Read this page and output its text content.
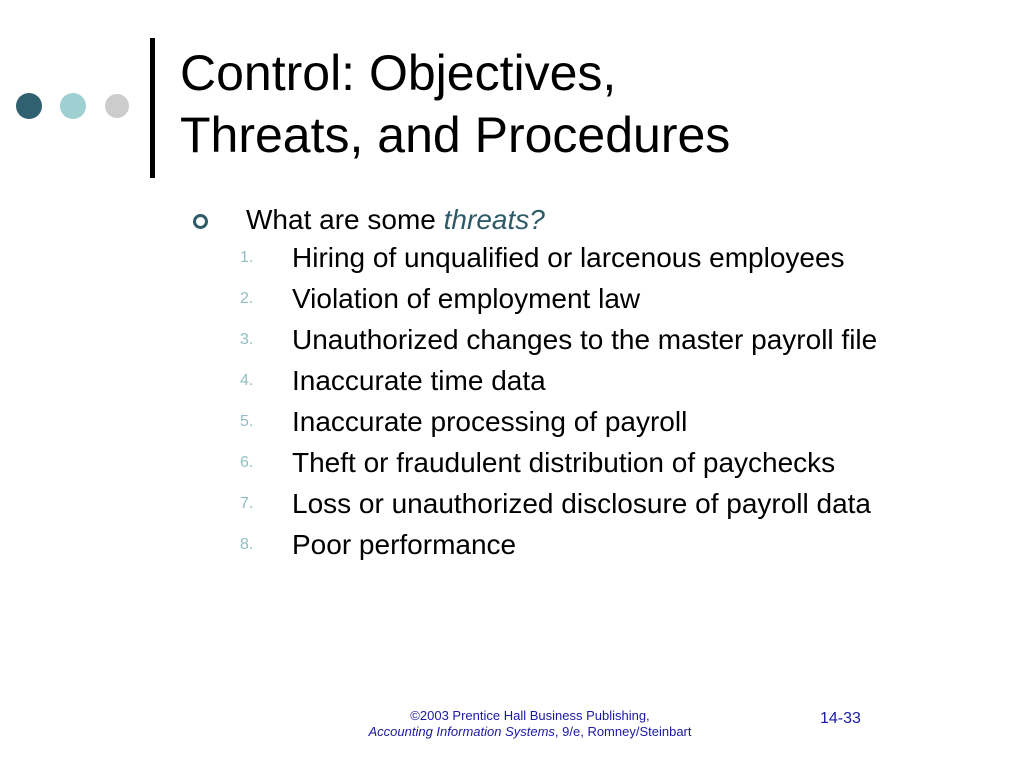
Control: Objectives,
Threats, and Procedures
What are some threats?
1. Hiring of unqualified or larcenous employees
2. Violation of employment law
3. Unauthorized changes to the master payroll file
4. Inaccurate time data
5. Inaccurate processing of payroll
6. Theft or fraudulent distribution of paychecks
7. Loss or unauthorized disclosure of payroll data
8. Poor performance
©2003 Prentice Hall Business Publishing,
Accounting Information Systems, 9/e, Romney/Steinbart
14-33
